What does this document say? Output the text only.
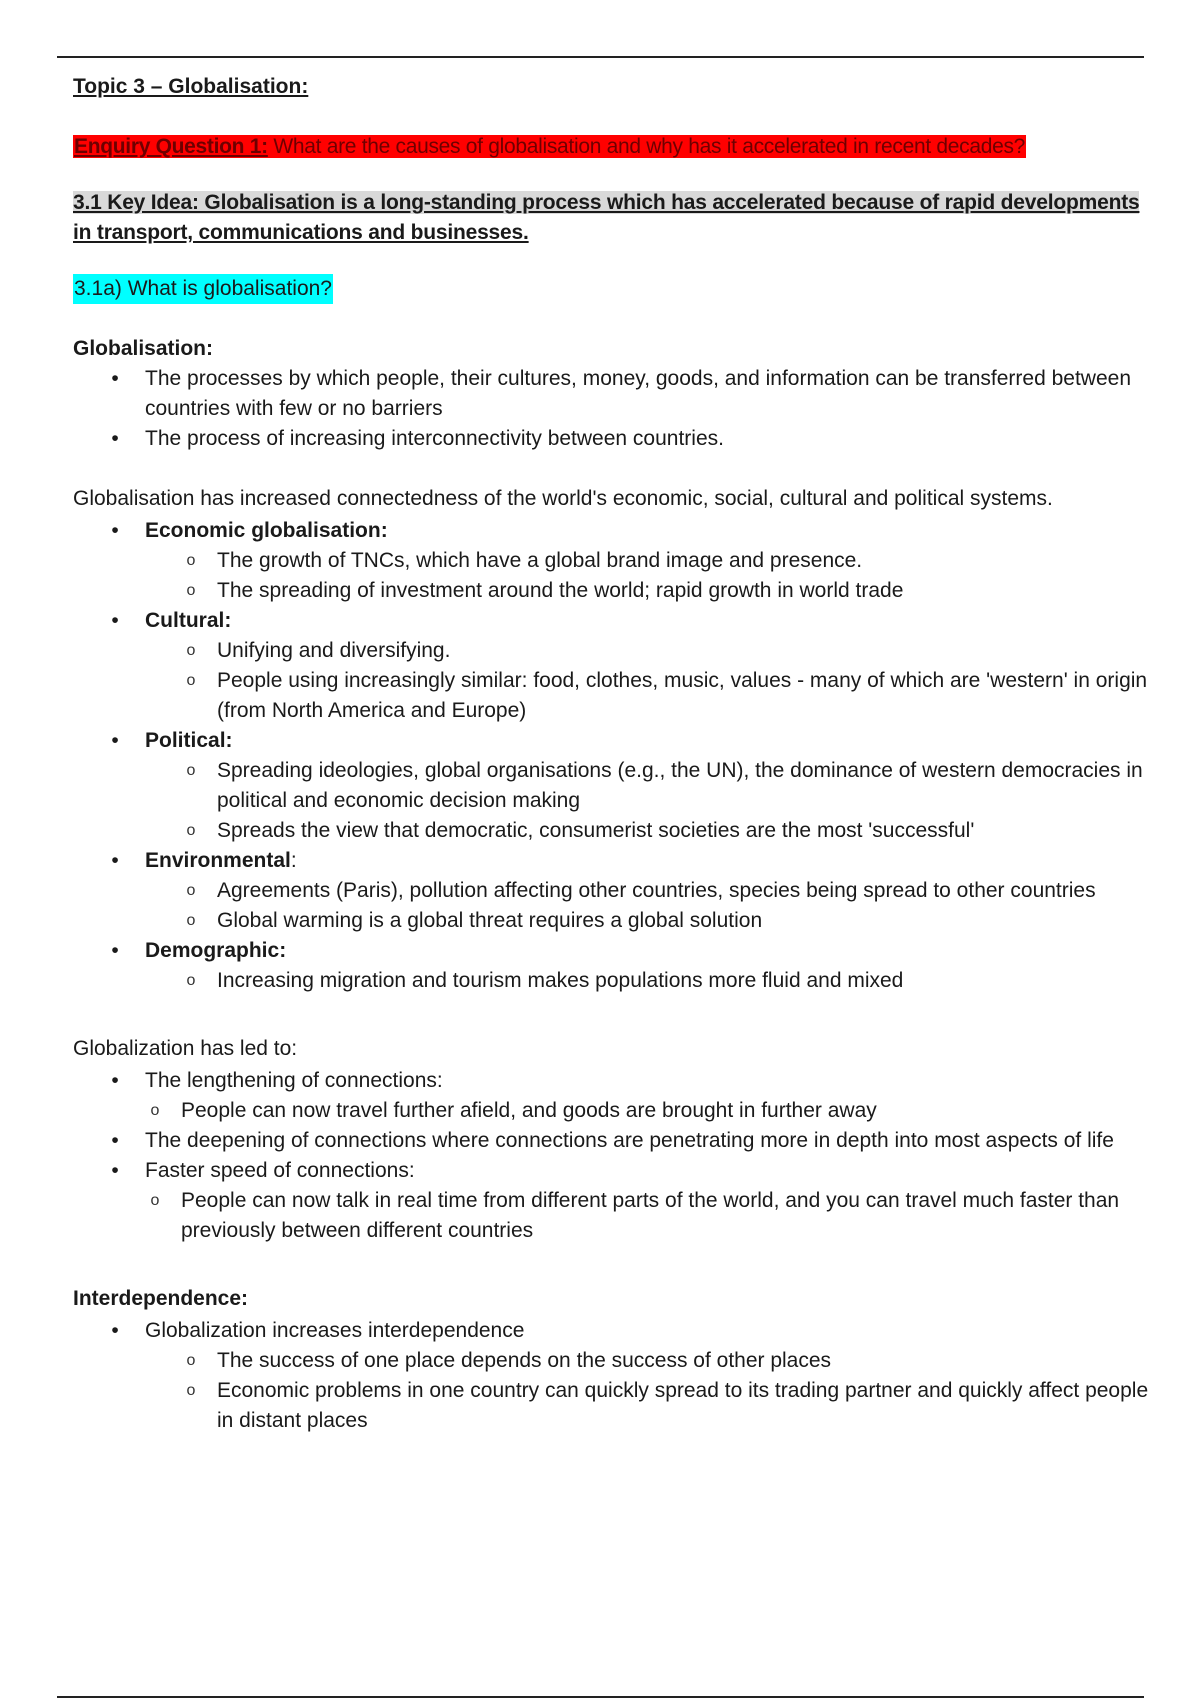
Topic 3 – Globalisation:
Enquiry Question 1: What are the causes of globalisation and why has it accelerated in recent decades?
3.1 Key Idea: Globalisation is a long-standing process which has accelerated because of rapid developments
in transport, communications and businesses.
3.1a) What is globalisation?
Globalisation:
•	The processes by which people, their cultures, money, goods, and information can be transferred between countries with few or no barriers
•	The process of increasing interconnectivity between countries.
Globalisation has increased connectedness of the world's economic, social, cultural and political systems.
•	Economic globalisation:
o The growth of TNCs, which have a global brand image and presence.
o The spreading of investment around the world; rapid growth in world trade
•	Cultural:
o Unifying and diversifying.
o People using increasingly similar: food, clothes, music, values - many of which are 'western' in origin (from North America and Europe)
•	Political:
o Spreading ideologies, global organisations (e.g., the UN), the dominance of western democracies in political and economic decision making
o Spreads the view that democratic, consumerist societies are the most 'successful'
•	Environmental:
o Agreements (Paris), pollution affecting other countries, species being spread to other countries
o Global warming is a global threat requires a global solution
•	Demographic:
o Increasing migration and tourism makes populations more fluid and mixed
Globalization has led to:
•	The lengthening of connections:
o People can now travel further afield, and goods are brought in further away
•	The deepening of connections where connections are penetrating more in depth into most aspects of life
•	Faster speed of connections:
o People can now talk in real time from different parts of the world, and you can travel much faster than previously between different countries
Interdependence:
•	Globalization increases interdependence
o The success of one place depends on the success of other places
o Economic problems in one country can quickly spread to its trading partner and quickly affect people in distant places
